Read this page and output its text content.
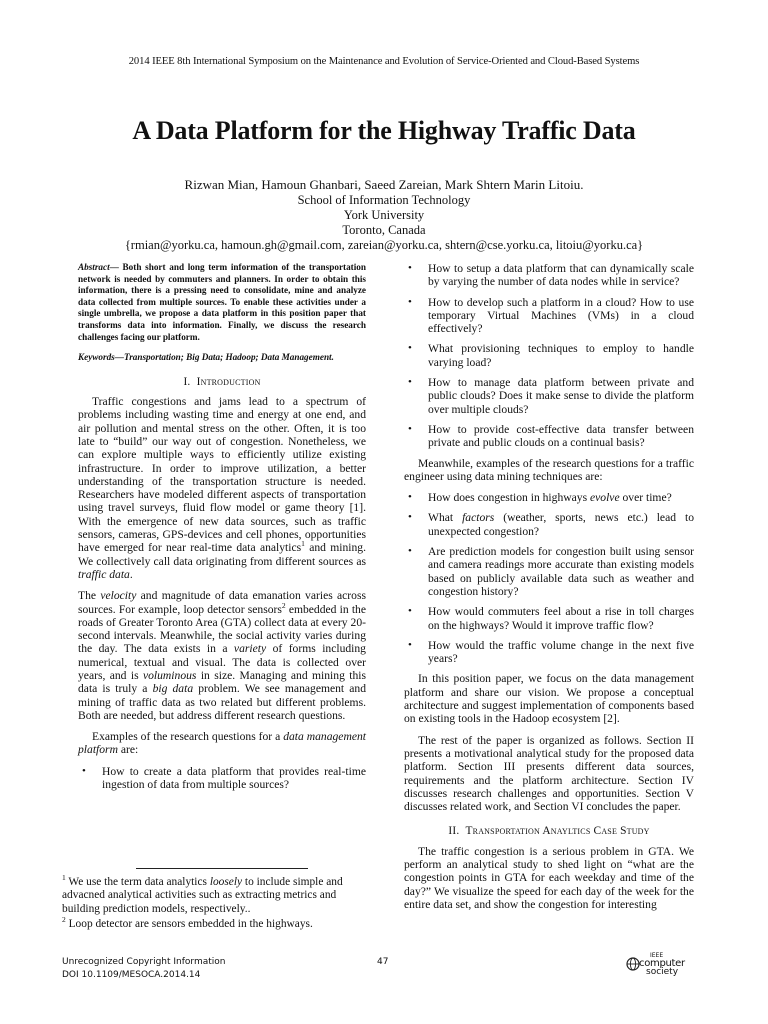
2014 IEEE 8th International Symposium on the Maintenance and Evolution of Service-Oriented and Cloud-Based Systems
A Data Platform for the Highway Traffic Data
Rizwan Mian, Hamoun Ghanbari, Saeed Zareian, Mark Shtern Marin Litoiu.
School of Information Technology
York University
Toronto, Canada
{rmian@yorku.ca, hamoun.gh@gmail.com, zareian@yorku.ca, shtern@cse.yorku.ca, litoiu@yorku.ca}
Abstract— Both short and long term information of the transportation network is needed by commuters and planners. In order to obtain this information, there is a pressing need to consolidate, mine and analyze data collected from multiple sources. To enable these activities under a single umbrella, we propose a data platform in this position paper that transforms data into information. Finally, we discuss the research challenges facing our platform.
Keywords—Transportation; Big Data; Hadoop; Data Management.
I. Introduction

Traffic congestions and jams lead to a spectrum of problems including wasting time and energy at one end, and air pollution and mental stress on the other. Often, it is too late to “build” our way out of congestion. Nonetheless, we can explore multiple ways to efficiently utilize existing infrastructure. In order to improve utilization, a better understanding of the transportation structure is needed. Researchers have modeled different aspects of transportation using travel surveys, fluid flow model or game theory [1]. With the emergence of new data sources, such as traffic sensors, cameras, GPS-devices and cell phones, opportunities have emerged for near real-time data analytics$^1$ and mining. We collectively call data originating from different sources as traffic data.

The velocity and magnitude of data emanation varies across sources. For example, loop detector sensors$^2$ embedded in the roads of Greater Toronto Area (GTA) collect data at every 20-second intervals. Meanwhile, the social activity varies during the day. The data exists in a variety of forms including numerical, textual and visual. The data is collected over years, and is voluminous in size. Managing and mining this data is truly a big data problem. We see management and mining of traffic data as two related but different problems. Both are needed, but address different research questions.

Examples of the research questions for a data management platform are:

• How to create a data platform that provides real-time ingestion of data from multiple sources?
• How to setup a data platform that can dynamically scale by varying the number of data nodes while in service?
• How to develop such a platform in a cloud? How to use temporary Virtual Machines (VMs) in a cloud effectively?
• What provisioning techniques to employ to handle varying load?
• How to manage data platform between private and public clouds? Does it make sense to divide the platform over multiple clouds?
• How to provide cost-effective data transfer between private and public clouds on a continual basis?

Meanwhile, examples of the research questions for a traffic engineer using data mining techniques are:

• How does congestion in highways evolve over time?
• What factors (weather, sports, news etc.) lead to unexpected congestion?
• Are prediction models for congestion built using sensor and camera readings more accurate than existing models based on publicly available data such as weather and congestion history?
• How would commuters feel about a rise in toll charges on the highways? Would it improve traffic flow?
• How would the traffic volume change in the next five years?

In this position paper, we focus on the data management platform and share our vision. We propose a conceptual architecture and suggest implementation of components based on existing tools in the Hadoop ecosystem [2].

The rest of the paper is organized as follows. Section II presents a motivational analytical study for the proposed data platform. Section III presents different data sources, requirements and the platform architecture. Section IV discusses research challenges and opportunities. Section V discusses related work, and Section VI concludes the paper.

II. Transportation Anayltics Case Study

The traffic congestion is a serious problem in GTA. We perform an analytical study to shed light on “what are the congestion points in GTA for each weekday and time of the day?” We visualize the speed for each day of the week for the entire data set, and show the congestion for interesting

$^1$ We use the term data analytics loosely to include simple and advacned analytical activities such as extracting metrics and building prediction models, respectively..
$^2$ Loop detector are sensors embedded in the highways.
Unrecognized Copyright Information
DOI 10.1109/MESOCA.2014.14
47
IEEE
computer
society
